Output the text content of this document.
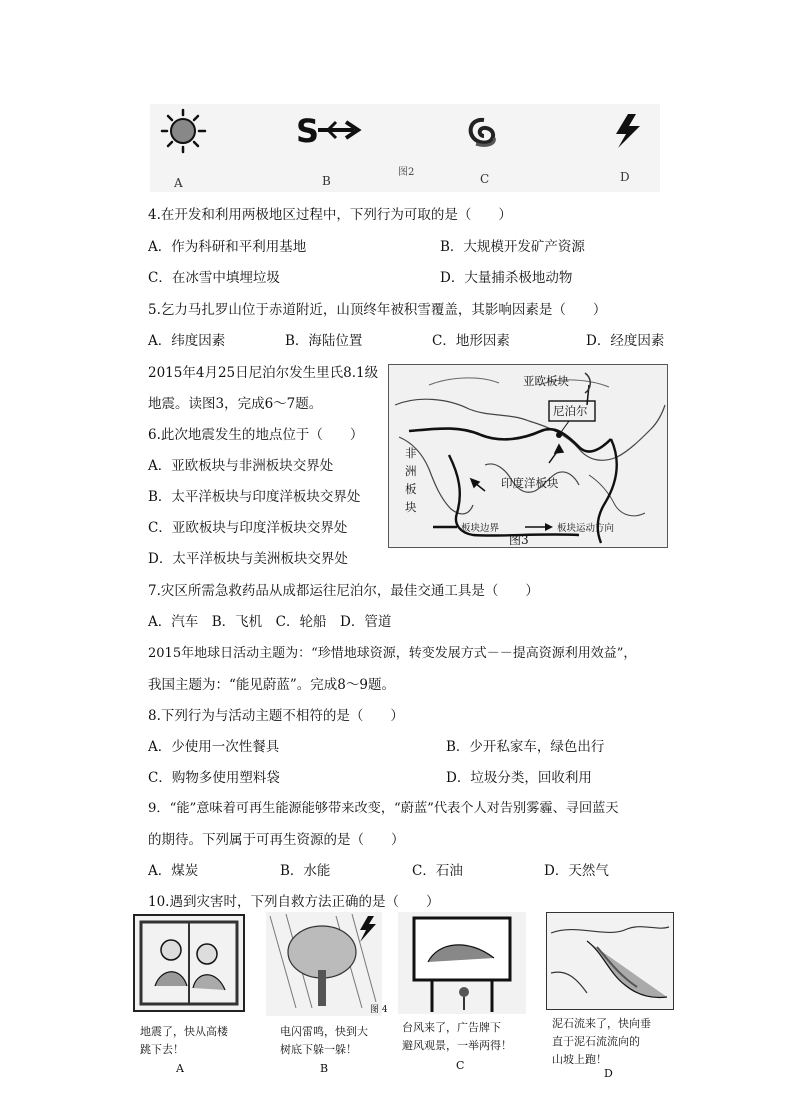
S
图2
A	B	C	D
4.在开发和利用两极地区过程中，下列行为可取的是（　　）
A．作为科研和平利用基地	B．大规模开发矿产资源
C．在冰雪中填埋垃圾	D．大量捕杀极地动物
5.乞力马扎罗山位于赤道附近，山顶终年被积雪覆盖，其影响因素是（　　）
A．纬度因素	B．海陆位置	C．地形因素	D．经度因素
2015年4月25日尼泊尔发生里氏8.1级
地震。读图3，完成6～7题。
亚欧板块
尼泊尔
非
洲
板
块
印度洋板块
板块边界	板块运动方向
图3
6.此次地震发生的地点位于（　　）
A．亚欧板块与非洲板块交界处
B．太平洋板块与印度洋板块交界处
C．亚欧板块与印度洋板块交界处
D．太平洋板块与美洲板块交界处
7.灾区所需急救药品从成都运往尼泊尔，最佳交通工具是（　　）
A．汽车　B．飞机　C．轮船　D．管道
2015年地球日活动主题为：“珍惜地球资源，转变发展方式－－提高资源利用效益”，
我国主题为：“能见蔚蓝”。完成8～9题。
8.下列行为与活动主题不相符的是（　　）
A．少使用一次性餐具	B．少开私家车，绿色出行
C．购物多使用塑料袋	D．垃圾分类，回收利用
9．“能”意味着可再生能源能够带来改变，“蔚蓝”代表个人对告别雾霾、寻回蓝天
的期待。下列属于可再生资源的是（　　）
A．煤炭	B．水能	C．石油	D．天然气
10.遇到灾害时，下列自救方法正确的是（　　）
地震了，快从高楼
跳下去！
A
电闪雷鸣，快到大
树底下躲一躲！
B
图 4
台风来了，广告牌下
避风观景，一举两得！
C
泥石流来了，快向垂
直于泥石流流向的
山坡上跑！
D
